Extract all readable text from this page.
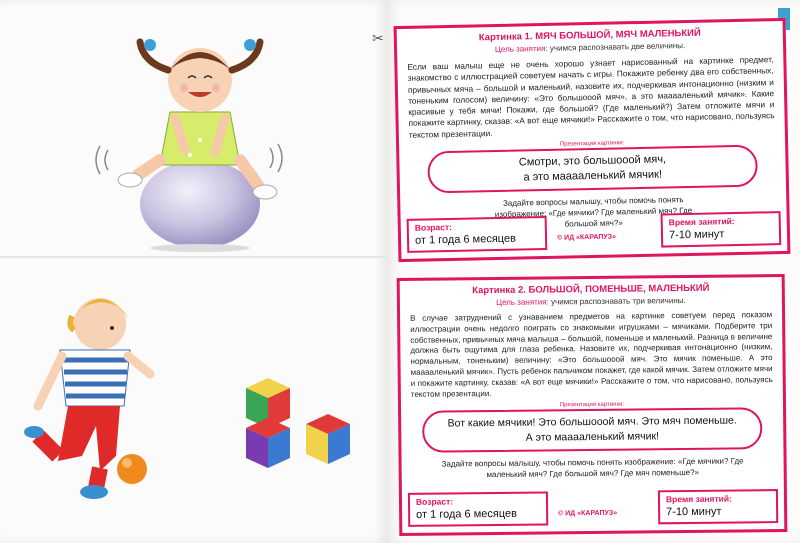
✂	Картинка 1. МЯЧ БОЛЬШОЙ, МЯЧ МАЛЕНЬКИЙ
Цель занятия: учимся распознавать две величины.
Если ваш малыш еще не очень хорошо узнает нарисованный на картинке предмет, знакомство с иллюстрацией советуем начать с игры. Покажите ребенку два его собственных, привычных мяча – большой и маленький, назовите их, подчеркивая интонационно (низким и тоненьким голосом) величину: «Это большооой мяч», а это мааааленький мячик». Какие красивые у тебя мячи! Покажи, где большой? (Где маленький?) Затем отложите мячи и покажите картинку, сказав: «А вот еще мячики!» Расскажите о том, что нарисовано, пользуясь текстом презентации.
Презентация картинки:
Смотри, это большооой мяч,
а это мааааленький мячик!
Задайте вопросы малышу, чтобы помочь понять изображение: «Где мячики? Где маленький мяч? Где большой мяч?»
Возраст:
от 1 года 6 месяцев	© ИД «КАРАПУЗ»
Время занятий:
7-10 минут
Картинка 2. БОЛЬШОЙ, ПОМЕНЬШЕ, МАЛЕНЬКИЙ
Цель занятия: учимся распознавать три величины.
В случае затруднений с узнаванием предметов на картинке советуем перед показом иллюстрации очень недолго поиграть со знакомыми игрушками – мячиками. Подберите три собственных, привычных мяча малыша – большой, поменьше и маленький. Разница в величине должна быть ощутима для глаза ребенка. Назовите их, подчеркивая интонационно (низким, нормальным, тоненьким) величину: «Это большооой мяч. Это мячик поменьше. А это мааааленький мячик». Пусть ребенок пальчиком покажет, где какой мячик. Затем отложите мячи и покажите картинку, сказав: «А вот еще мячики!» Расскажите о том, что нарисовано, пользуясь текстом презентации.
Презентация картинки:
Вот какие мячики! Это большооой мяч. Это мяч поменьше.
А это мааааленький мячик!
Задайте вопросы малышу, чтобы помочь понять изображение: «Где мячики? Где маленький мяч? Где большой мяч? Где мяч поменьше?»
Возраст:
от 1 года 6 месяцев	© ИД «КАРАПУЗ»
Время занятий:
7-10 минут
